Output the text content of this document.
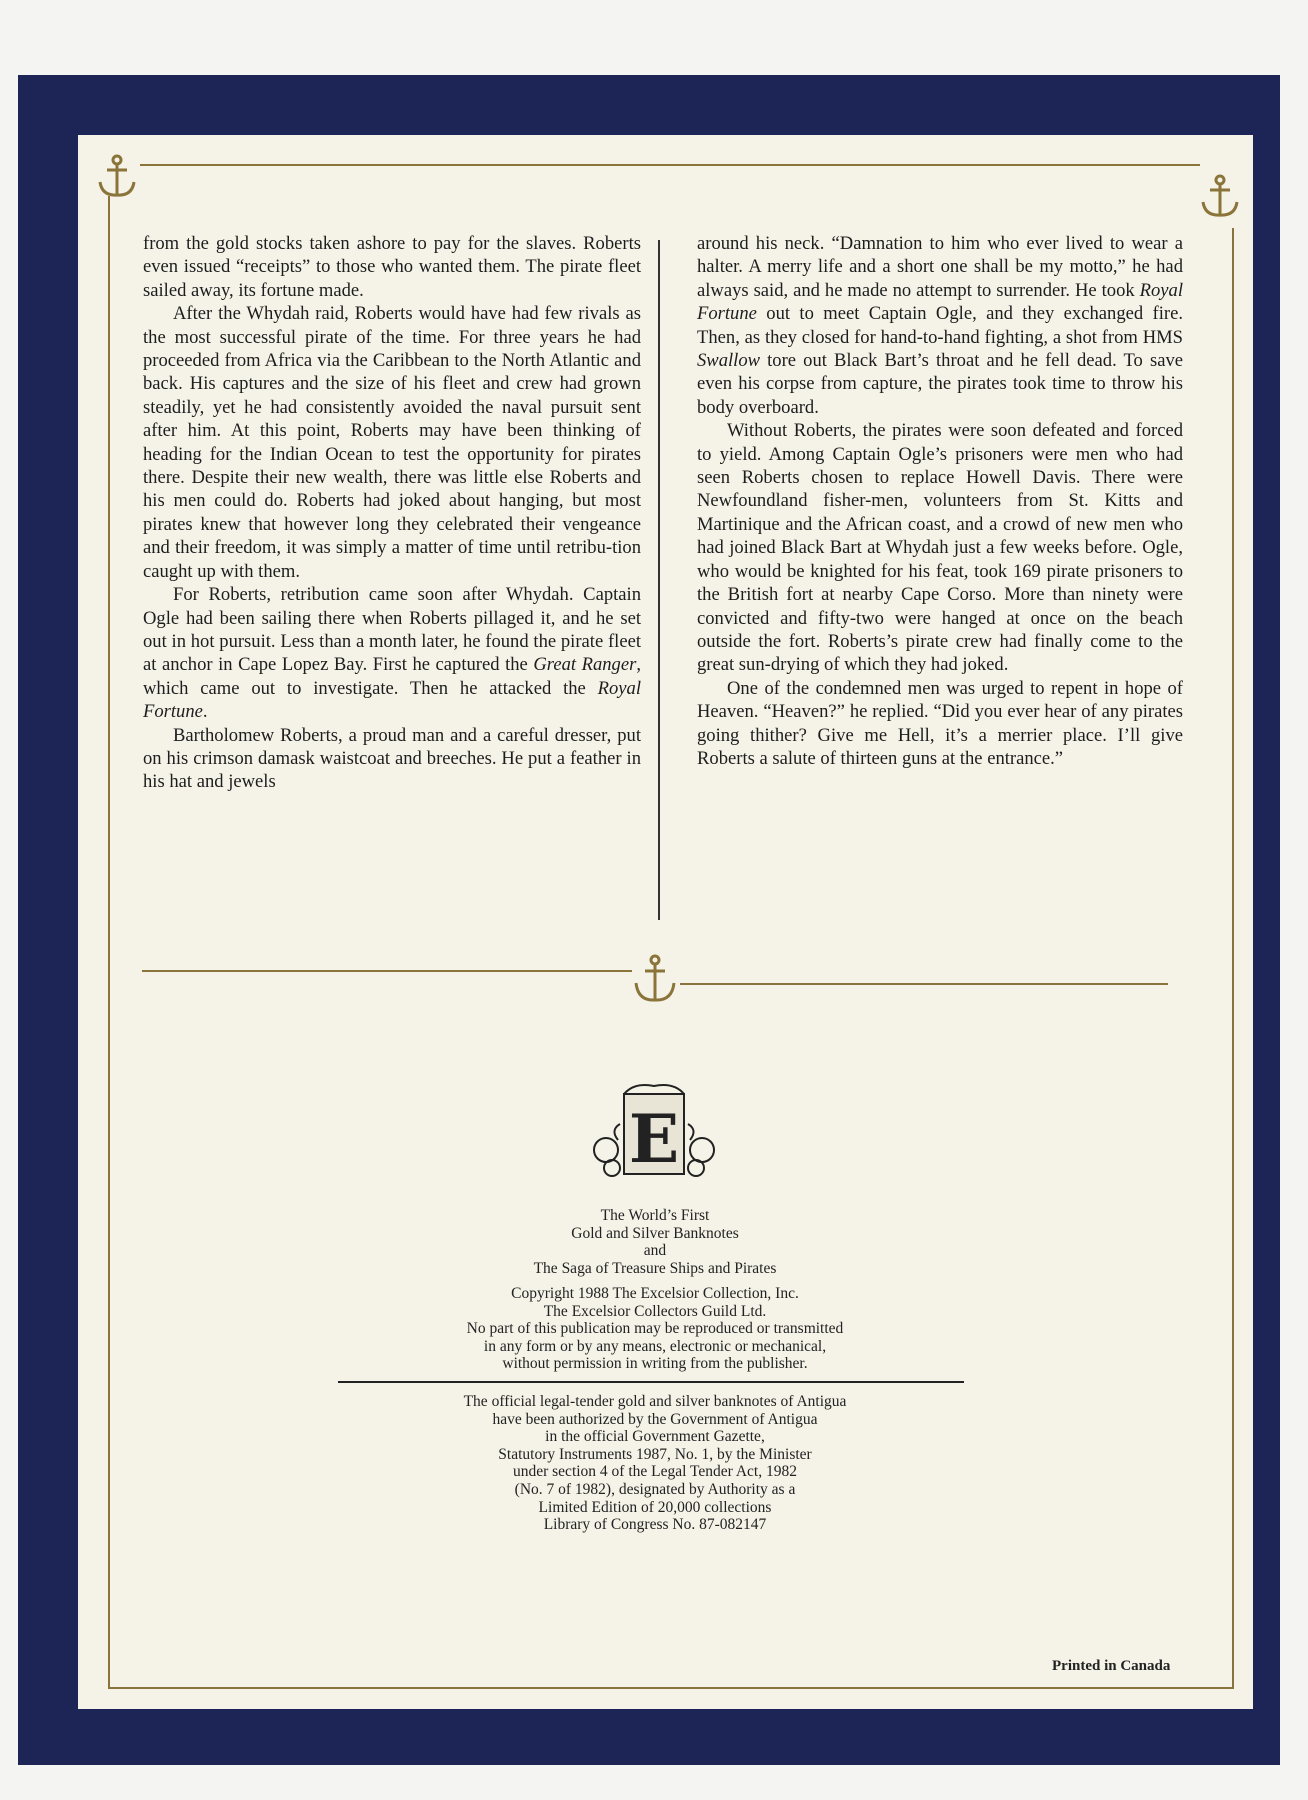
from the gold stocks taken ashore to pay for the slaves. Roberts even issued “receipts” to those who wanted them. The pirate fleet sailed away, its fortune made.

After the Whydah raid, Roberts would have had few rivals as the most successful pirate of the time. For three years he had proceeded from Africa via the Caribbean to the North Atlantic and back. His captures and the size of his fleet and crew had grown steadily, yet he had consistently avoided the naval pursuit sent after him. At this point, Roberts may have been thinking of heading for the Indian Ocean to test the opportunity for pirates there. Despite their new wealth, there was little else Roberts and his men could do. Roberts had joked about hanging, but most pirates knew that however long they celebrated their vengeance and their freedom, it was simply a matter of time until retribu-tion caught up with them.

For Roberts, retribution came soon after Whydah. Captain Ogle had been sailing there when Roberts pillaged it, and he set out in hot pursuit. Less than a month later, he found the pirate fleet at anchor in Cape Lopez Bay. First he captured the Great Ranger, which came out to investigate. Then he attacked the Royal Fortune.

Bartholomew Roberts, a proud man and a careful dresser, put on his crimson damask waistcoat and breeches. He put a feather in his hat and jewels

around his neck. “Damnation to him who ever lived to wear a halter. A merry life and a short one shall be my motto,” he had always said, and he made no attempt to surrender. He took Royal Fortune out to meet Captain Ogle, and they exchanged fire. Then, as they closed for hand-to-hand fighting, a shot from HMS Swallow tore out Black Bart’s throat and he fell dead. To save even his corpse from capture, the pirates took time to throw his body overboard.

Without Roberts, the pirates were soon defeated and forced to yield. Among Captain Ogle’s prisoners were men who had seen Roberts chosen to replace Howell Davis. There were Newfoundland fisher-men, volunteers from St. Kitts and Martinique and the African coast, and a crowd of new men who had joined Black Bart at Whydah just a few weeks before. Ogle, who would be knighted for his feat, took 169 pirate prisoners to the British fort at nearby Cape Corso. More than ninety were convicted and fifty-two were hanged at once on the beach outside the fort. Roberts’s pirate crew had finally come to the great sun-drying of which they had joked.

One of the condemned men was urged to repent in hope of Heaven. “Heaven?” he replied. “Did you ever hear of any pirates going thither? Give me Hell, it’s a merrier place. I’ll give Roberts a salute of thirteen guns at the entrance.”

E
The World’s First
Gold and Silver Banknotes
and
The Saga of Treasure Ships and Pirates
Copyright 1988 The Excelsior Collection, Inc.
The Excelsior Collectors Guild Ltd.
No part of this publication may be reproduced or transmitted
in any form or by any means, electronic or mechanical,
without permission in writing from the publisher.
The official legal-tender gold and silver banknotes of Antigua
have been authorized by the Government of Antigua
in the official Government Gazette,
Statutory Instruments 1987, No. 1, by the Minister
under section 4 of the Legal Tender Act, 1982
(No. 7 of 1982), designated by Authority as a
Limited Edition of 20,000 collections
Library of Congress No. 87-082147
Printed in Canada
